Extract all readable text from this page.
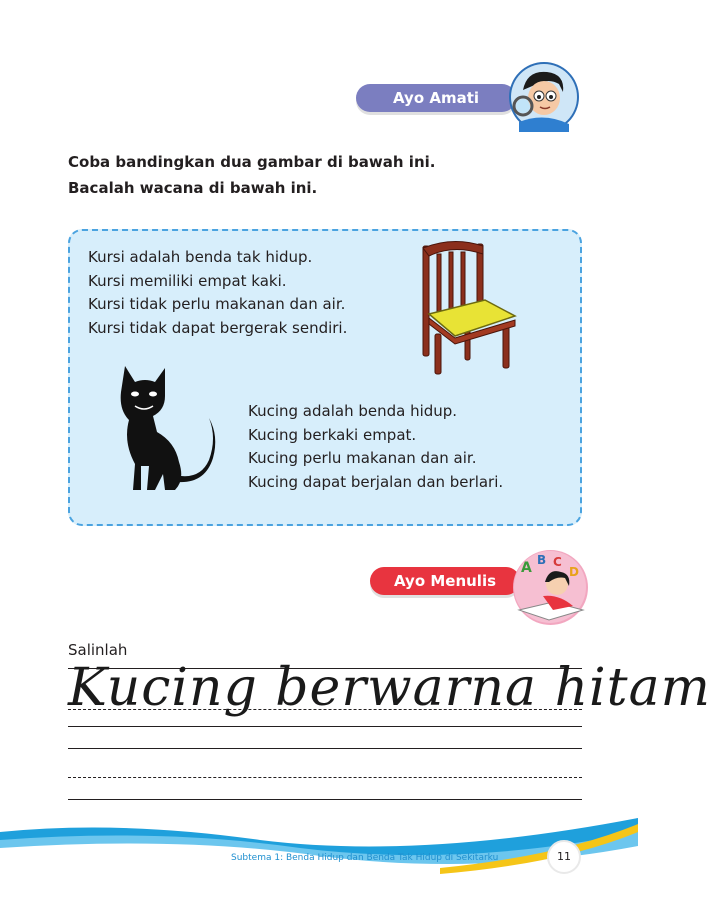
Ayo Amati
Coba bandingkan dua gambar di bawah ini.
Bacalah wacana di bawah ini.
Kursi adalah benda tak hidup.
Kursi memiliki empat kaki.
Kursi tidak perlu makanan dan air.
Kursi tidak dapat bergerak sendiri.
Kucing adalah benda hidup.
Kucing berkaki empat.
Kucing perlu makanan dan air.
Kucing dapat berjalan dan berlari.
Ayo Menulis
A B C
D
Salinlah
Kucing berwarna hitam
Subtema 1: Benda Hidup dan Benda Tak Hidup di Sekitarku	11
